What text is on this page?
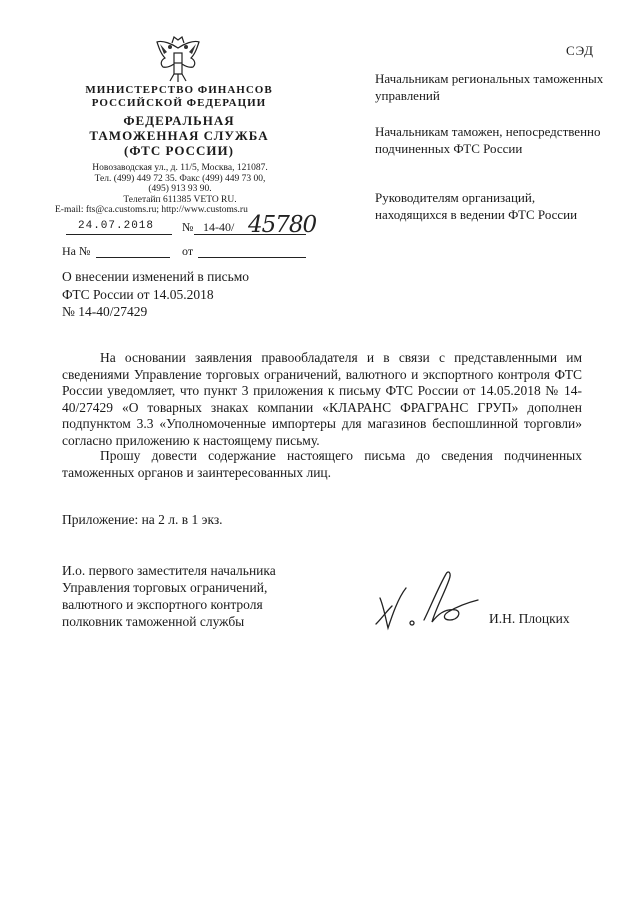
МИНИСТЕРСТВО ФИНАНСОВ
РОССИЙСКОЙ ФЕДЕРАЦИИ
ФЕДЕРАЛЬНАЯ
ТАМОЖЕННАЯ СЛУЖБА
(ФТС РОССИИ)
Новозаводская ул., д. 11/5, Москва, 121087.
Тел. (499) 449 72 35. Факс (499) 449 73 00,
(495) 913 93 90.
Телетайп 611385 VETO RU.
E-mail: fts@ca.customs.ru; http://www.customs.ru
24.07.2018 № 14-40/ 45780
На №	от
СЭД
Начальникам региональных таможенных управлений
Начальникам таможен, непосредственно подчиненных ФТС России
Руководителям организаций, находящихся в ведении ФТС России
О внесении изменений в письмо
ФТС России от 14.05.2018
№ 14-40/27429
На основании заявления правообладателя и в связи с представленными им сведениями Управление торговых ограничений, валютного и экспортного контроля ФТС России уведомляет, что пункт 3 приложения к письму ФТС России от 14.05.2018 № 14-40/27429 «О товарных знаках компании «КЛАРАНС ФРАГРАНС ГРУП» дополнен подпунктом 3.3 «Уполномоченные импортеры для магазинов беспошлинной торговли» согласно приложению к настоящему письму.
Прошу довести содержание настоящего письма до сведения подчиненных таможенных органов и заинтересованных лиц.
Приложение: на 2 л. в 1 экз.
И.о. первого заместителя начальника
Управления торговых ограничений,
валютного и экспортного контроля
полковник таможенной службы	И.Н. Плоцких
